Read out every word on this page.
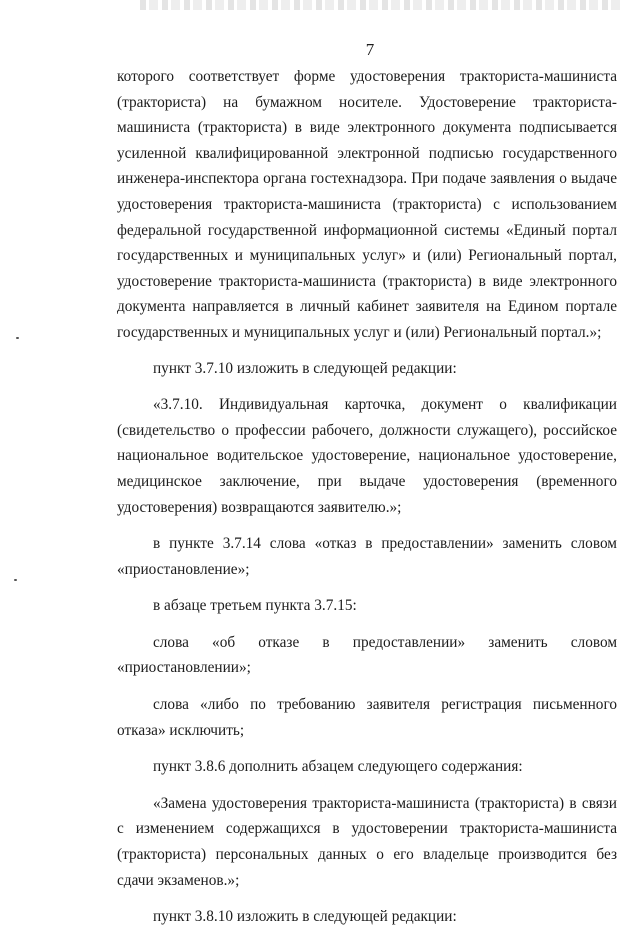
7

которого соответствует форме удостоверения тракториста-машиниста (тракториста) на бумажном носителе. Удостоверение тракториста-машиниста (тракториста) в виде электронного документа подписывается усиленной квалифицированной электронной подписью государственного инженера-инспектора органа гостехнадзора. При подаче заявления о выдаче удостоверения тракториста-машиниста (тракториста) с использованием федеральной государственной информационной системы «Единый портал государственных и муниципальных услуг» и (или) Региональный портал, удостоверение тракториста-машиниста (тракториста) в виде электронного документа направляется в личный кабинет заявителя на Едином портале государственных и муниципальных услуг и (или) Региональный портал.»;

пункт 3.7.10 изложить в следующей редакции:

«3.7.10. Индивидуальная карточка, документ о квалификации (свидетельство о профессии рабочего, должности служащего), российское национальное водительское удостоверение, национальное удостоверение, медицинское заключение, при выдаче удостоверения (временного удостоверения) возвращаются заявителю.»;

в пункте 3.7.14 слова «отказ в предоставлении» заменить словом «приостановление»;

в абзаце третьем пункта 3.7.15:

слова «об отказе в предоставлении» заменить словом «приостановлении»;

слова «либо по требованию заявителя регистрация письменного отказа» исключить;

пункт 3.8.6 дополнить абзацем следующего содержания:

«Замена удостоверения тракториста-машиниста (тракториста) в связи с изменением содержащихся в удостоверении тракториста-машиниста (тракториста) персональных данных о его владельце производится без сдачи экзаменов.»;

пункт 3.8.10 изложить в следующей редакции:
